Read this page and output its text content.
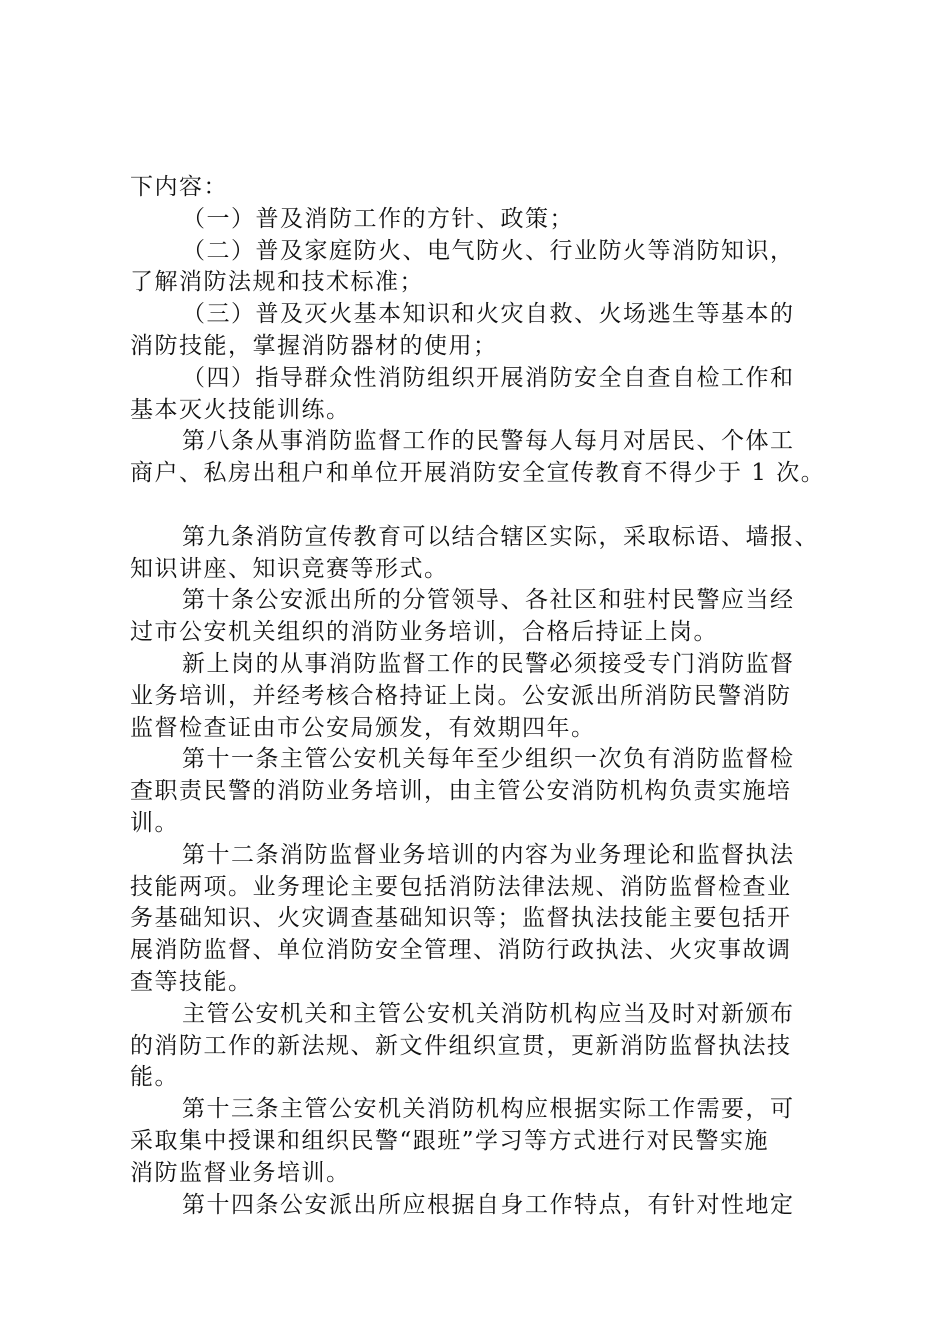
下内容：
（一）普及消防工作的方针、政策；
（二）普及家庭防火、电气防火、行业防火等消防知识，
了解消防法规和技术标准；
（三）普及灭火基本知识和火灾自救、火场逃生等基本的
消防技能，掌握消防器材的使用；
（四）指导群众性消防组织开展消防安全自查自检工作和
基本灭火技能训练。
第八条从事消防监督工作的民警每人每月对居民、个体工
商户、私房出租户和单位开展消防安全宣传教育不得少于 1 次。
第九条消防宣传教育可以结合辖区实际，采取标语、墙报、
知识讲座、知识竞赛等形式。
第十条公安派出所的分管领导、各社区和驻村民警应当经
过市公安机关组织的消防业务培训，合格后持证上岗。
新上岗的从事消防监督工作的民警必须接受专门消防监督
业务培训，并经考核合格持证上岗。公安派出所消防民警消防
监督检查证由市公安局颁发，有效期四年。
第十一条主管公安机关每年至少组织一次负有消防监督检
查职责民警的消防业务培训，由主管公安消防机构负责实施培
训。
第十二条消防监督业务培训的内容为业务理论和监督执法
技能两项。业务理论主要包括消防法律法规、消防监督检查业
务基础知识、火灾调查基础知识等；监督执法技能主要包括开
展消防监督、单位消防安全管理、消防行政执法、火灾事故调
查等技能。
主管公安机关和主管公安机关消防机构应当及时对新颁布
的消防工作的新法规、新文件组织宣贯，更新消防监督执法技
能。
第十三条主管公安机关消防机构应根据实际工作需要，可
采取集中授课和组织民警“跟班”学习等方式进行对民警实施
消防监督业务培训。
第十四条公安派出所应根据自身工作特点，有针对性地定
